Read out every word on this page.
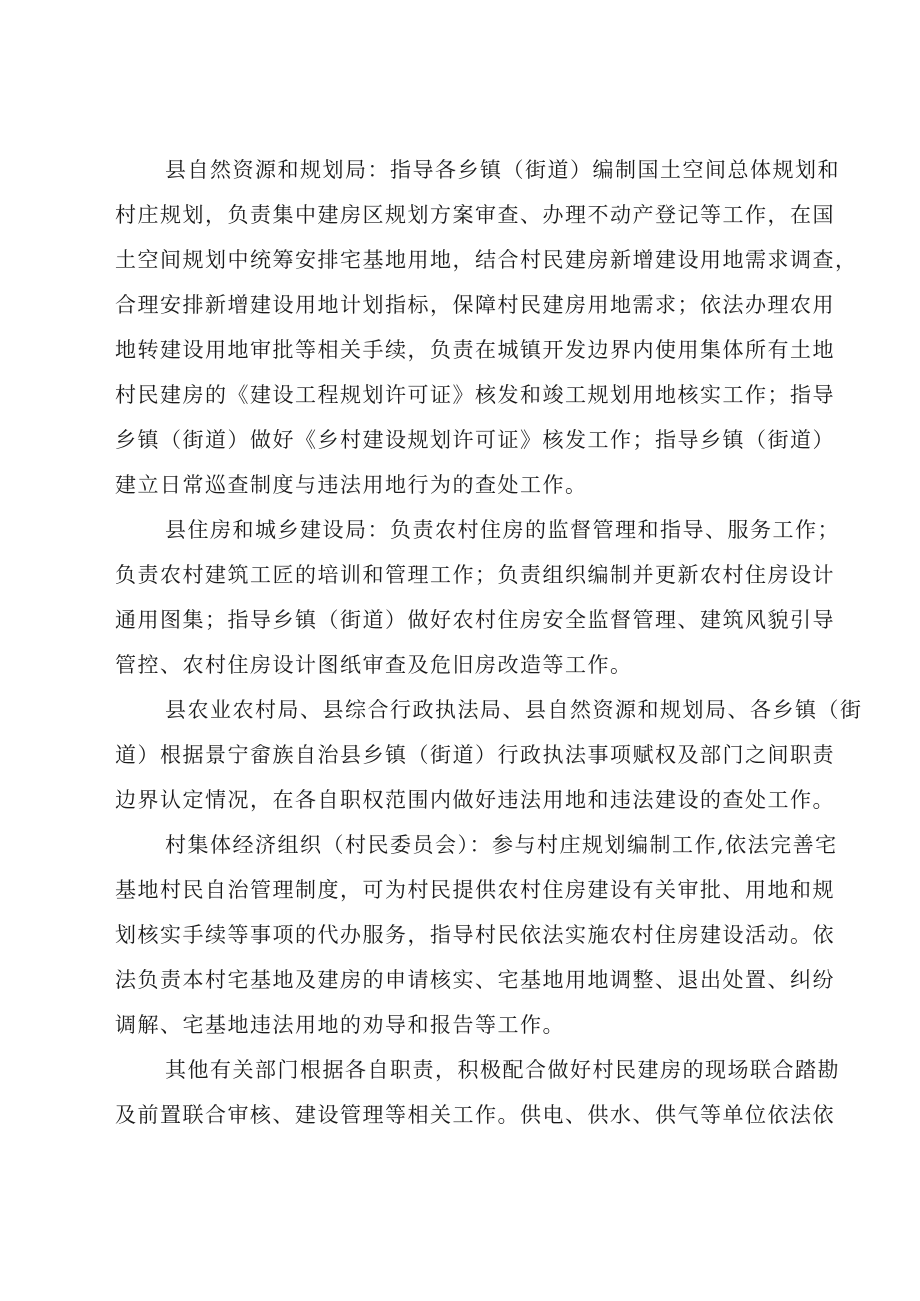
县自然资源和规划局：指导各乡镇（街道）编制国土空间总体规划和
村庄规划，负责集中建房区规划方案审查、办理不动产登记等工作，在国
土空间规划中统筹安排宅基地用地，结合村民建房新增建设用地需求调查，
合理安排新增建设用地计划指标，保障村民建房用地需求；依法办理农用
地转建设用地审批等相关手续，负责在城镇开发边界内使用集体所有土地
村民建房的《建设工程规划许可证》核发和竣工规划用地核实工作；指导
乡镇（街道）做好《乡村建设规划许可证》核发工作；指导乡镇（街道）
建立日常巡查制度与违法用地行为的查处工作。
县住房和城乡建设局：负责农村住房的监督管理和指导、服务工作；
负责农村建筑工匠的培训和管理工作；负责组织编制并更新农村住房设计
通用图集；指导乡镇（街道）做好农村住房安全监督管理、建筑风貌引导
管控、农村住房设计图纸审查及危旧房改造等工作。
县农业农村局、县综合行政执法局、县自然资源和规划局、各乡镇（街
道）根据景宁畲族自治县乡镇（街道）行政执法事项赋权及部门之间职责
边界认定情况，在各自职权范围内做好违法用地和违法建设的查处工作。
村集体经济组织（村民委员会）：参与村庄规划编制工作,依法完善宅
基地村民自治管理制度，可为村民提供农村住房建设有关审批、用地和规
划核实手续等事项的代办服务，指导村民依法实施农村住房建设活动。依
法负责本村宅基地及建房的申请核实、宅基地用地调整、退出处置、纠纷
调解、宅基地违法用地的劝导和报告等工作。
其他有关部门根据各自职责，积极配合做好村民建房的现场联合踏勘
及前置联合审核、建设管理等相关工作。供电、供水、供气等单位依法依
